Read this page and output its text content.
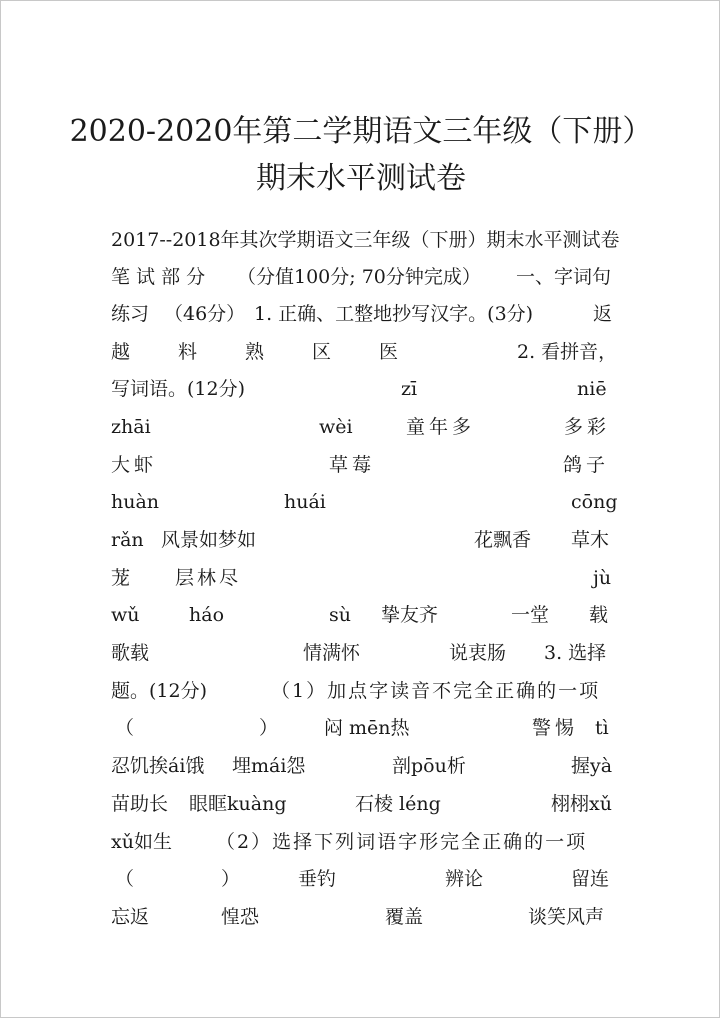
2020-2020年第二学期语文三年级（下册）
期末水平测试卷
2017--2018年其次学期语文三年级（下册）期末水平测试卷
笔 试 部 分 （分值100分; 70分钟完成） 一、字词句
练习 （46分） 1. 正确、工整地抄写汉字。(3分)	返
越	料	熟	区	医	2. 看拼音，
写词语。(12分)	zī	niē
zhāi	wèi	童年多	多彩
大虾	草莓	鸽子
huàn	huái	cōng
rǎn 风景如梦如	花飘香 草木
茏 层林尽	jù
wǔ	háo	sù 挚友齐	一堂 载
歌载	情满怀	说衷肠 3. 选择
题。(12分)	（1）加点字读音不完全正确的一项
（	） 闷 mēn热	警惕 tì
忍饥挨ái饿 埋mái怨	剖pōu析	握yà
苗助长 眼眶kuàng	石棱 léng	栩栩xǔ
xǔ如生 （2）选择下列词语字形完全正确的一项
（	）	垂钓	辨论	留连
忘返	惶恐	覆盖	谈笑风声
